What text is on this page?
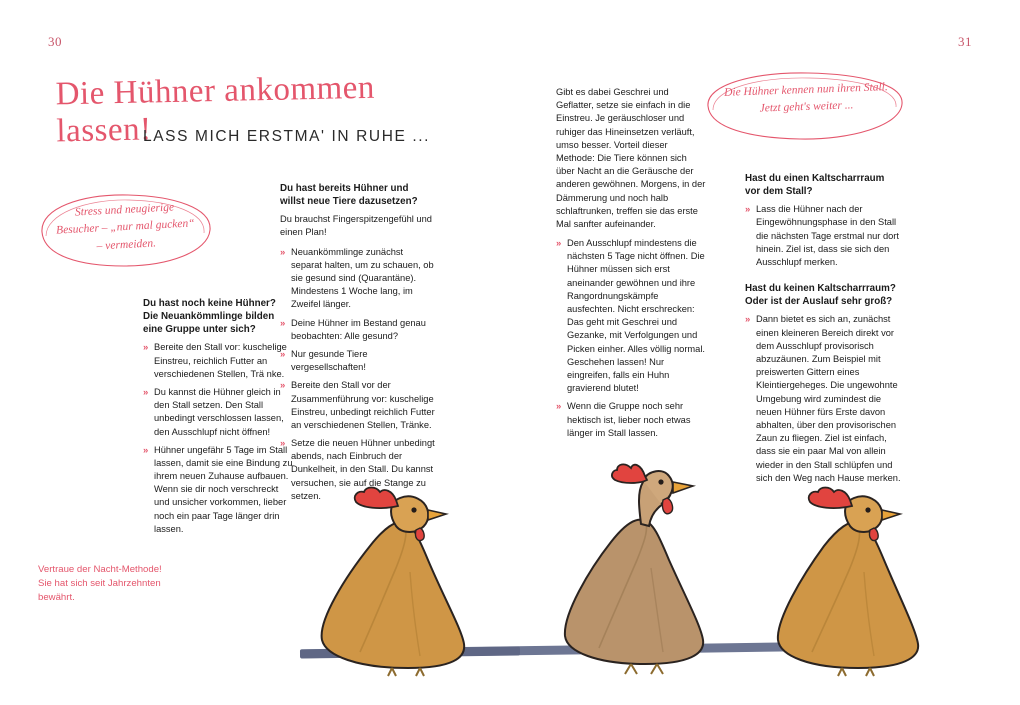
30	31
Die Hühner ankommen lassen!
LASS MICH ERSTMA' IN RUHE ...
Stress und neugierige Besucher – „nur mal gucken“ – vermeiden.
Die Hühner kennen nun ihren Stall. Jetzt geht's weiter ...
Du hast noch keine Hühner? Die Neuankömmlinge bilden eine Gruppe unter sich?
» Bereite den Stall vor: kuschelige Einstreu, reichlich Futter an verschiedenen Stellen, Trä nke.
» Du kannst die Hühner gleich in den Stall setzen. Den Stall unbedingt verschlossen lassen, den Ausschlupf nicht öffnen!
» Hühner ungefähr 5 Tage im Stall lassen, damit sie eine Bindung zu ihrem neuen Zuhause aufbauen. Wenn sie dir noch verschreckt und unsicher vorkommen, lieber noch ein paar Tage länger drin lassen.
Du hast bereits Hühner und willst neue Tiere dazusetzen?

Du brauchst Fingerspitzengefühl und einen Plan!

» Neuankömmlinge zunächst separat halten, um zu schauen, ob sie gesund sind (Quarantäne). Mindestens 1 Woche lang, im Zweifel länger.
» Deine Hühner im Bestand genau beobachten: Alle gesund?
» Nur gesunde Tiere vergesellschaften!
» Bereite den Stall vor der Zusammenführung vor: kuschelige Einstreu, unbedingt reichlich Futter an verschiedenen Stellen, Tränke.
» Setze die neuen Hühner unbedingt abends, nach Einbruch der Dunkelheit, in den Stall. Du kannst versuchen, sie auf die Stange zu setzen.

Gibt es dabei Geschrei und Geflatter, setze sie einfach in die Einstreu. Je geräuschloser und ruhiger das Hineinsetzen verläuft, umso besser. Vorteil dieser Methode: Die Tiere können sich über Nacht an die Geräusche der anderen gewöhnen. Morgens, in der Dämmerung und noch halb schlaftrunken, treffen sie das erste Mal sanfter aufeinander.

» Den Ausschlupf mindestens die nächsten 5 Tage nicht öffnen. Die Hühner müssen sich erst aneinander gewöhnen und ihre Rangordnungskämpfe ausfechten. Nicht erschrecken: Das geht mit Geschrei und Gezanke, mit Verfolgungen und Picken einher. Alles völlig normal. Geschehen lassen! Nur eingreifen, falls ein Huhn gravierend blutet!
» Wenn die Gruppe noch sehr hektisch ist, lieber noch etwas länger im Stall lassen.
Hast du einen Kaltscharrraum vor dem Stall?
» Lass die Hühner nach der Eingewöhnungsphase in den Stall die nächsten Tage erstmal nur dort hinein. Ziel ist, dass sie sich den Ausschlupf merken.
Hast du keinen Kaltscharrraum? Oder ist der Auslauf sehr groß?
» Dann bietet es sich an, zunächst einen kleineren Bereich direkt vor dem Ausschlupf provisorisch abzuzäunen. Zum Beispiel mit preiswerten Gittern eines Kleintiergeheges. Die ungewohnte Umgebung wird zumindest die neuen Hühner fürs Erste davon abhalten, über den provisorischen Zaun zu fliegen. Ziel ist einfach, dass sie ein paar Mal von allein wieder in den Stall schlüpfen und sich den Weg nach Hause merken.
Vertraue der Nacht-Methode! Sie hat sich seit Jahrzehnten bewährt.
